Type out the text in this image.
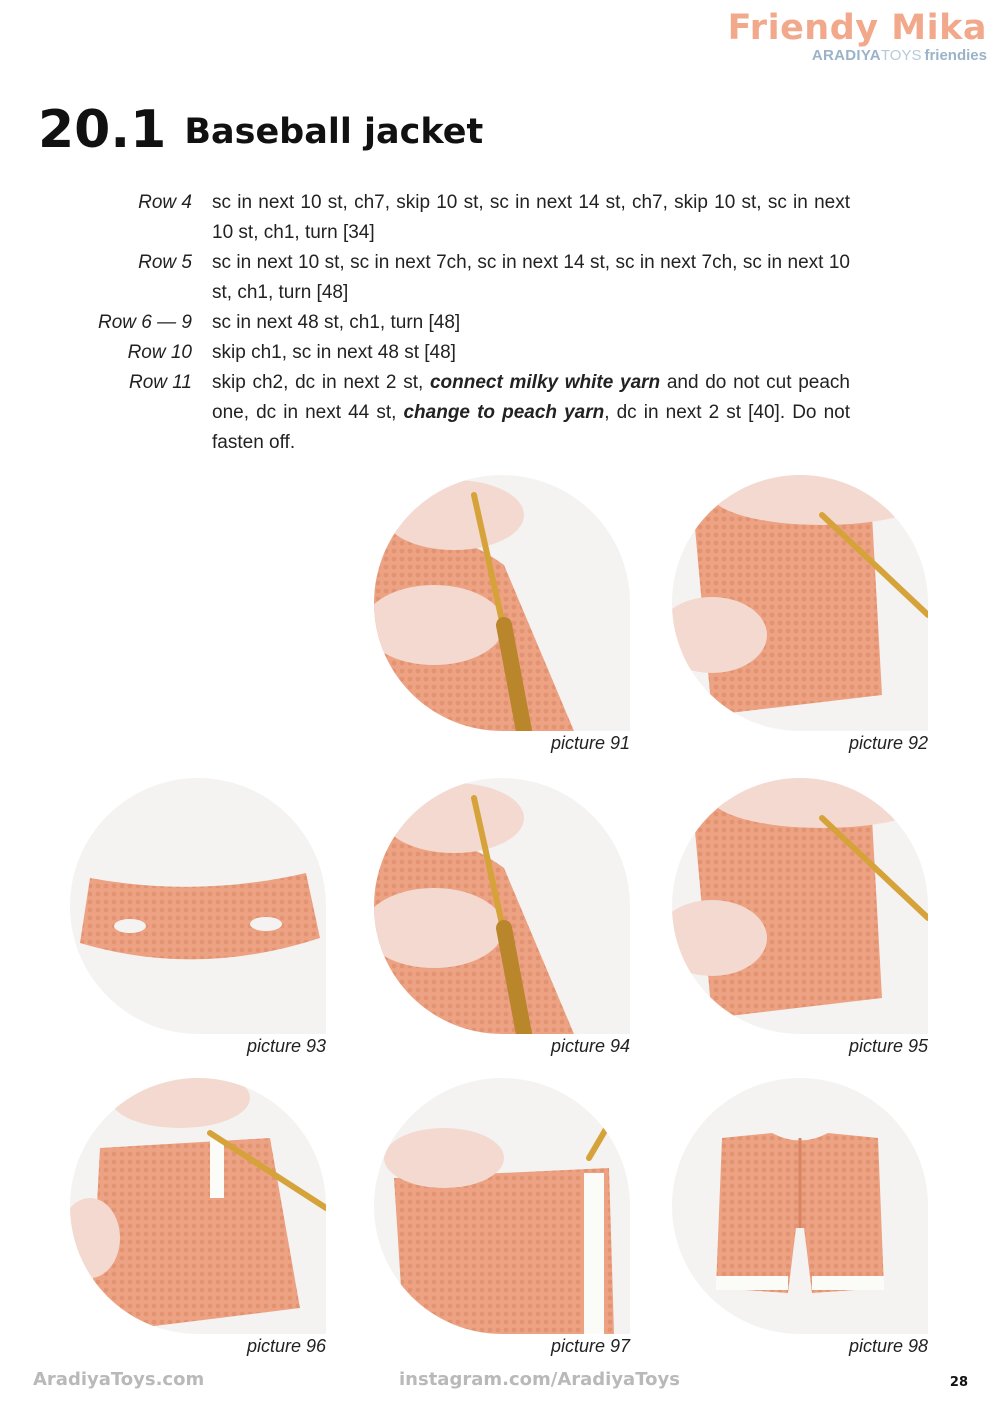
Friendy Mika
ARADIYATOYS friendies
20.1 Baseball jacket
Row 4	sc in next 10 st, ch7, skip 10 st, sc in next 14 st, ch7, skip 10 st, sc in next 10 st, ch1, turn [34]
Row 5	sc in next 10 st, sc in next 7ch, sc in next 14 st, sc in next 7ch, sc in next 10 st, ch1, turn [48]
Row 6 — 9	sc in next 48 st, ch1, turn [48]
Row 10	skip ch1, sc in next 48 st [48]
Row 11	skip ch2, dc in next 2 st, connect milky white yarn and do not cut peach one, dc in next 44 st, change to peach yarn, dc in next 2 st [40]. Do not fasten off.
picture 91	picture 92
picture 93	picture 94	picture 95
picture 96	picture 97	picture 98
AradiyaToys.com	instagram.com/AradiyaToys	28
